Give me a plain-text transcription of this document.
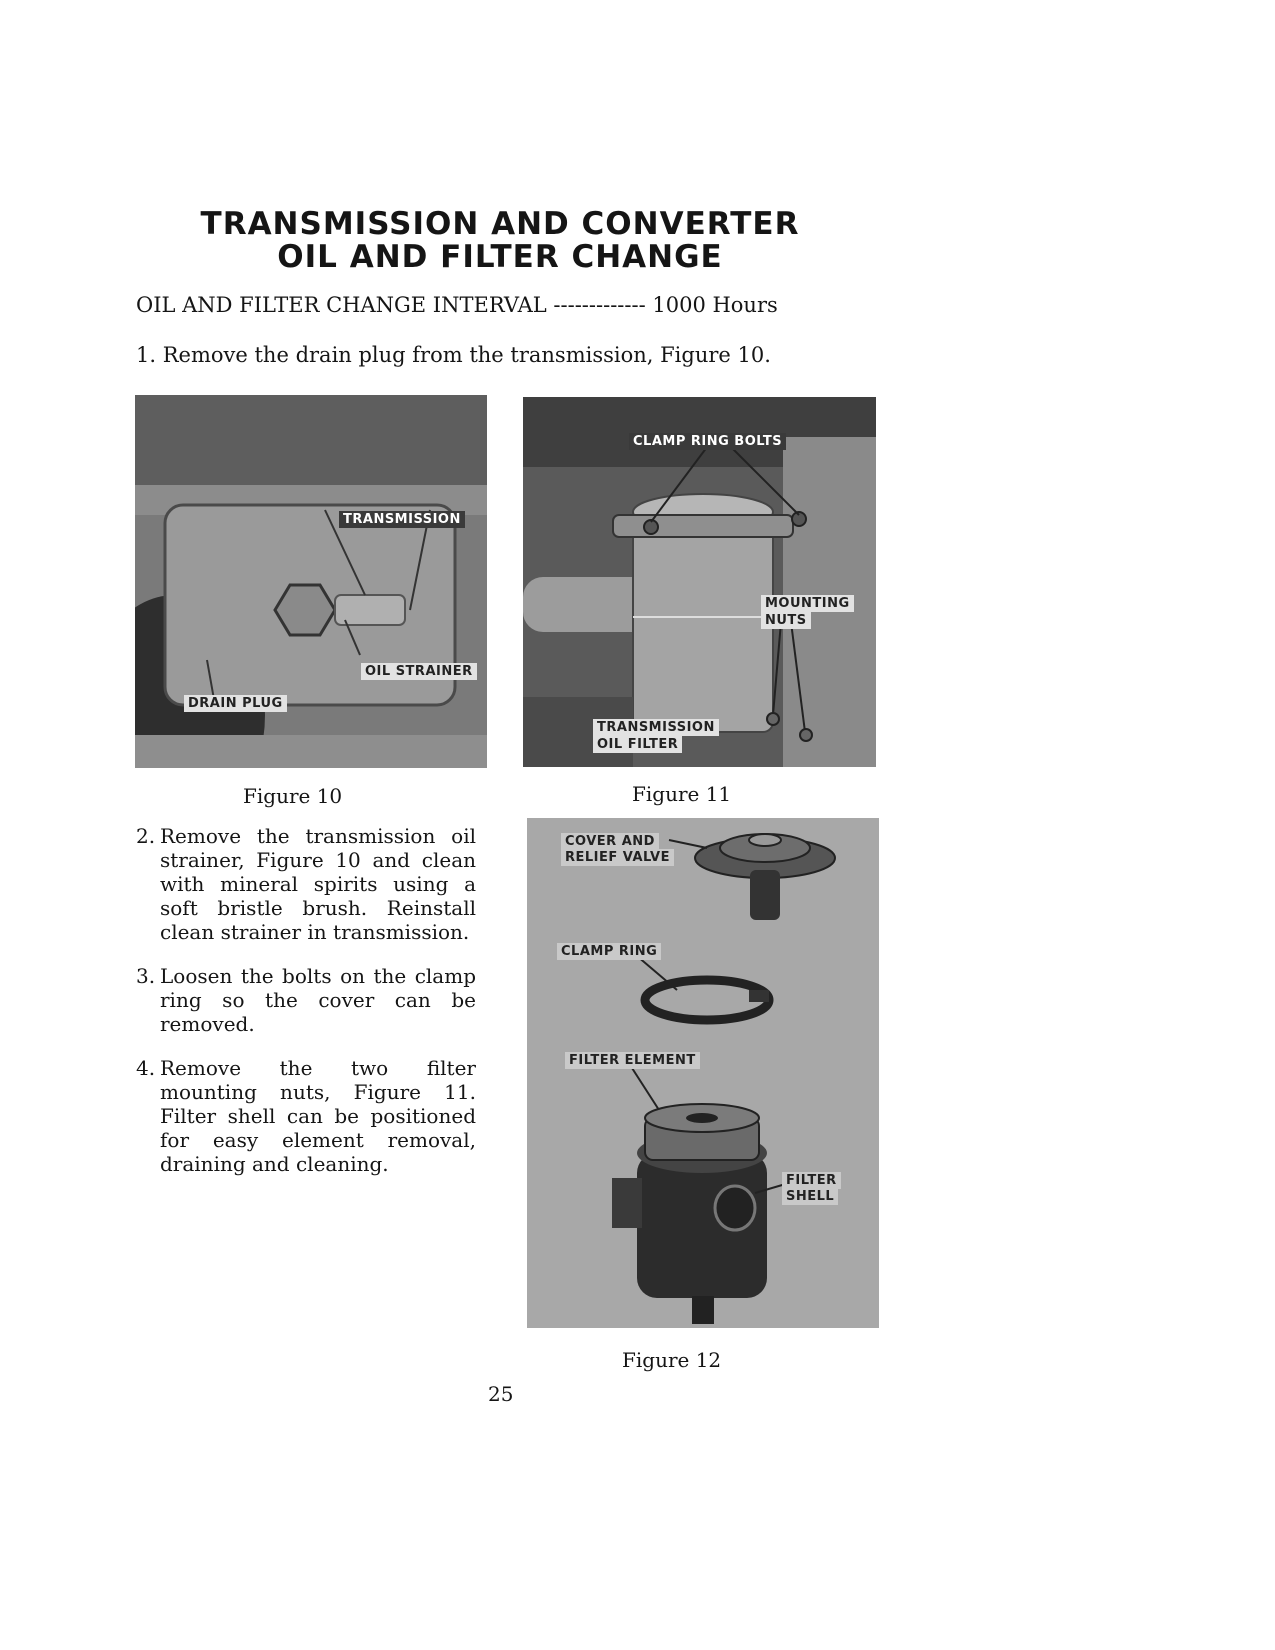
TRANSMISSION AND CONVERTER
OIL AND FILTER CHANGE
OIL AND FILTER CHANGE INTERVAL ------------- 1000 Hours
1. Remove the drain plug from the transmission, Figure 10.
TRANSMISSION
OIL STRAINER
DRAIN PLUG
CLAMP RING BOLTS
MOUNTING
NUTS
TRANSMISSION
OIL FILTER
Figure 10	Figure 11
2. Remove the transmission oil strainer, Figure 10 and clean with mineral spirits using a soft bristle brush. Reinstall clean strainer in transmission.
3. Loosen the bolts on the clamp ring so the cover can be removed.
4. Remove the two filter mounting nuts, Figure 11. Filter shell can be positioned for easy element removal, draining and cleaning.
COVER AND
RELIEF VALVE
CLAMP RING
FILTER ELEMENT
FILTER
SHELL
Figure 12
25
